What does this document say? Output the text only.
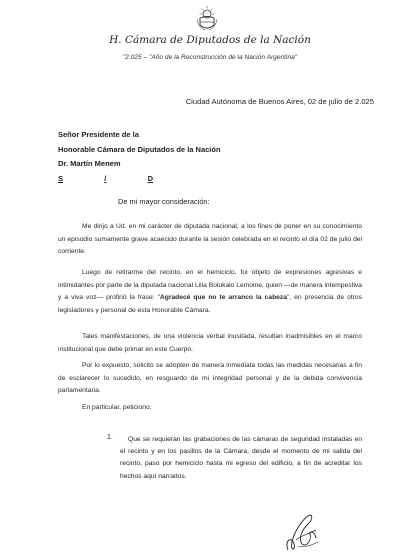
H. Cámara de Diputados de la Nación
"2.025 – "Año de la Reconstrucción de la Nación Argentina"
Ciudad Autónoma de Buenos Aires, 02 de julio de 2.025
Señor Presidente de la
Honorable Cámara de Diputados de la Nación
Dr. Martín Menem
S	/	D
De mi mayor consideración:
Me dirijo a Ud. en mi carácter de diputada nacional, a los fines de poner en su conocimiento un episodio sumamente grave acaecido durante la sesión celebrada en el recinto el día 02 de julio del corriente.
Luego de retirarme del recinto, en el hemiciclo, fui objeto de expresiones agresivas e intimidantes por parte de la diputada nacional Lilia Bolukalo Lemoine, quien —de manera intempestiva y a viva voz— profirió la frase: "Agradecé que no te arranco la cabeza", en presencia de otros legisladores y personal de esta Honorable Cámara.
Tales manifestaciones, de una violencia verbal inusitada, resultan inadmisibles en el marco institucional que debe primar en este Cuerpo.
Por lo expuesto, solicito se adopten de manera inmediata todas las medidas necesarias a fin de esclarecer lo sucedido, en resguardo de mi integridad personal y de la debida convivencia parlamentaria.
En particular, peticiono:
1.	Que se requieran las grabaciones de las cámaras de seguridad instaladas en el recinto y en los pasillos de la Cámara, desde el momento de mi salida del recinto, paso por hemiciclo hasta mi egreso del edificio, a fin de acreditar los hechos aquí narrados.
